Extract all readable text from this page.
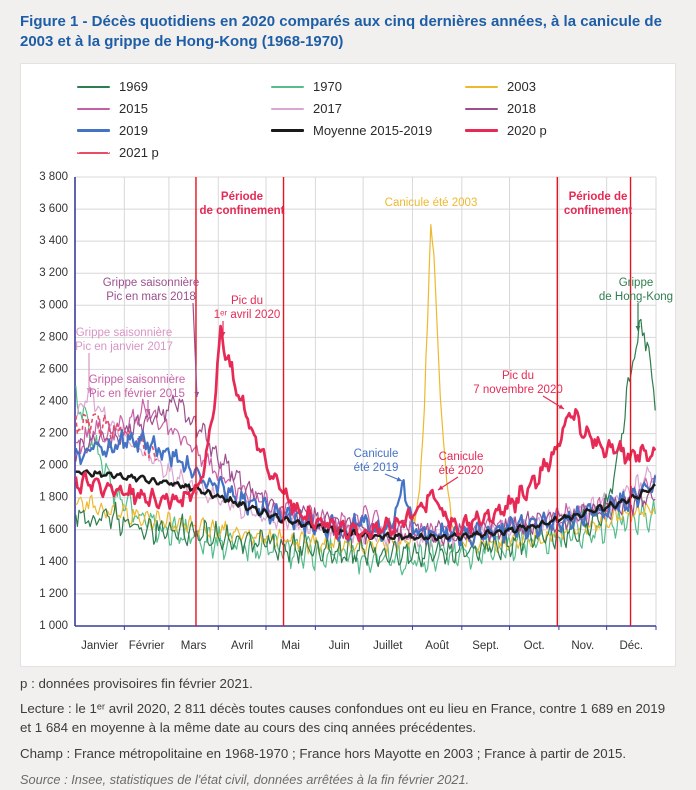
Figure 1 - Décès quotidiens en 2020 comparés aux cinq dernières années, à la canicule de 2003 et à la grippe de Hong-Kong (1968-1970)
1969	1970	2003
2015	2017	2018
2019	Moyenne 2015-2019	2020 p
2021 p
Janvier Février Mars Avril Mai Juin Juillet Août Sept. Oct. Nov. Déc.
1 000
1 200
1 400
1 600
1 800
2 000
2 200
2 400
2 600
2 800
3 000
3 200
3 400
3 600
3 800
Période
de confinement
Canicule été 2003	Période de
confinement
Grippe saisonnière
Pic en mars 2018	Pic du
1ᵉʳ avril 2020
Grippe saisonnière
Pic en janvier 2017
Grippe saisonnière
Pic en février 2015
Grippe
de Hong-Kong
Pic du
7 novembre 2020
Canicule
été 2019
Canicule
été 2020

p : données provisoires fin février 2021.

Lecture : le 1ᵉʳ avril 2020, 2 811 décès toutes causes confondues ont eu lieu en France, contre 1 689 en 2019 et 1 684 en moyenne à la même date au cours des cinq années précédentes.

Champ : France métropolitaine en 1968-1970 ; France hors Mayotte en 2003 ; France à partir de 2015.

Source : Insee, statistiques de l'état civil, données arrêtées à la fin février 2021.
